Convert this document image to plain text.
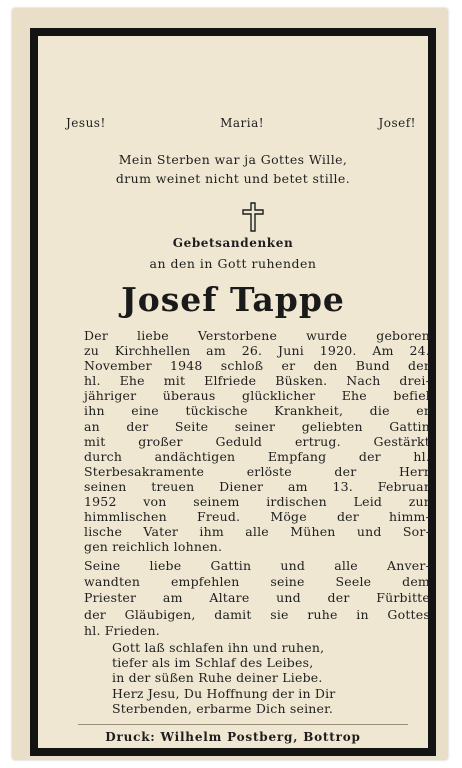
Jesus!	Maria!	Josef!
Mein Sterben war ja Gottes Wille,
drum weinet nicht und betet stille.
Gebetsandenken
an den in Gott ruhenden
Josef Tappe
Der liebe Verstorbene wurde geboren
zu Kirchhellen am 26. Juni 1920. Am 24.
November 1948 schloß er den Bund der
hl. Ehe mit Elfriede Büsken. Nach drei-
jähriger überaus glücklicher Ehe befiel
ihn eine tückische Krankheit, die er
an der Seite seiner geliebten Gattin
mit großer Geduld ertrug. Gestärkt
durch andächtigen Empfang der hl.
Sterbesakramente erlöste der Herr
seinen treuen Diener am 13. Februar
1952 von seinem irdischen Leid zur
himmlischen Freud. Möge der himm-
lische Vater ihm alle Mühen und Sor-
gen reichlich lohnen.
Seine liebe Gattin und alle Anver-
wandten empfehlen seine Seele dem
Priester am Altare und der Fürbitte
der Gläubigen, damit sie ruhe in Gottes
hl. Frieden.
Gott laß schlafen ihn und ruhen,
tiefer als im Schlaf des Leibes,
in der süßen Ruhe deiner Liebe.
Herz Jesu, Du Hoffnung der in Dir
Sterbenden, erbarme Dich seiner.
Druck: Wilhelm Postberg, Bottrop
